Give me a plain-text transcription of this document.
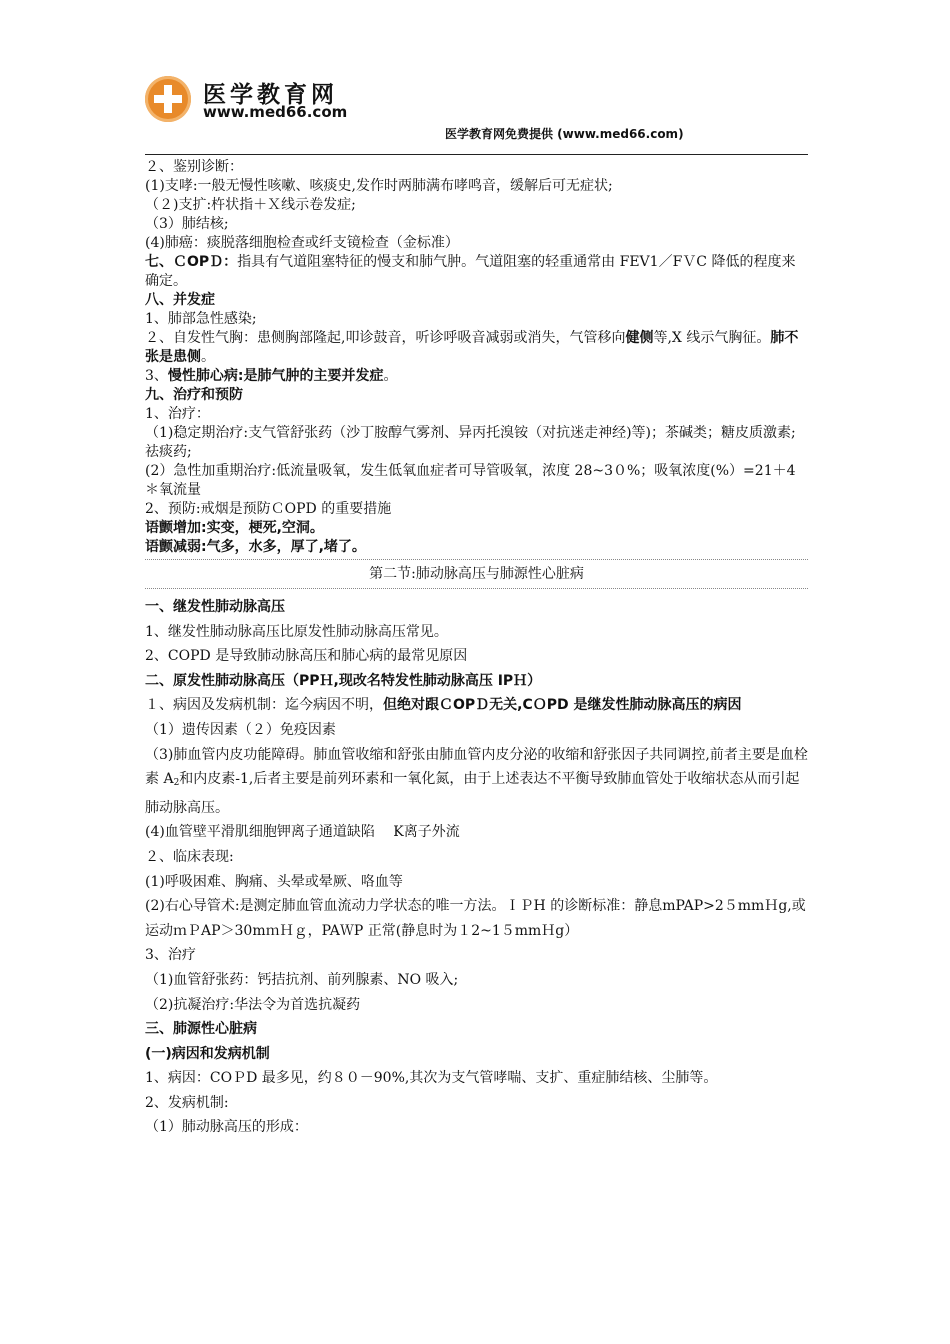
医学教育网
www.med66.com
医学教育网免费提供 (www.med66.com)

２、鉴别诊断：

(1)支哮:一般无慢性咳嗽、咳痰史,发作时两肺满布哮鸣音，缓解后可无症状;

（２)支扩:杵状指＋Ｘ线示卷发症;

（3）肺结核;

(4)肺癌：痰脱落细胞检查或纤支镜检查（金标准）

七、ＣOPＤ：指具有气道阻塞特征的慢支和肺气肿。气道阻塞的轻重通常由 FEV1／FＶC 降低的程度来确定。

八、并发症

1、肺部急性感染;

２、自发性气胸：患侧胸部隆起,叩诊鼓音，听诊呼吸音减弱或消失，气管移向健侧等,X 线示气胸征。肺不张是患侧。

3、慢性肺心病:是肺气肿的主要并发症。

九、治疗和预防

1、治疗：

（1)稳定期治疗:支气管舒张药（沙丁胺醇气雾剂、异丙托溴铵（对抗迷走神经)等)；茶碱类；糖皮质激素;祛痰药;

(2）急性加重期治疗:低流量吸氧，发生低氧血症者可导管吸氧，浓度 28~3０%；吸氧浓度(%）=21＋4＊氧流量

2、预防:戒烟是预防ＣOPD 的重要措施

语颤增加:实变，梗死,空洞。

语颤减弱:气多，水多，厚了,堵了。

第二节:肺动脉高压与肺源性心脏病

一、继发性肺动脉高压

1、继发性肺动脉高压比原发性肺动脉高压常见。

2、COPD 是导致肺动脉高压和肺心病的最常见原因

二、原发性肺动脉高压（PPＨ,现改名特发性肺动脉高压 IPＨ）

１、病因及发病机制：迄今病因不明，但绝对跟ＣOPＤ无关,CＯPD 是继发性肺动脉高压的病因

（1）遗传因素（２）免疫因素

（3)肺血管内皮功能障碍。肺血管收缩和舒张由肺血管内皮分泌的收缩和舒张因子共同调控,前者主要是血栓素 $A_2$和内皮素-1,后者主要是前列环素和一氧化氮，由于上述表达不平衡导致肺血管处于收缩状态从而引起肺动脉高压。

(4)血管壁平滑肌细胞钾离子通道缺陷　 K离子外流

２、临床表现:

(1)呼吸困难、胸痛、头晕或晕厥、咯血等

(2)右心导管术:是测定肺血管血流动力学状态的唯一方法。ＩＰH 的诊断标准：静息mPAP>2５mmＨg,或运动ｍＰAP＞30mｍＨｇ，PAＷP 正常(静息时为１2~1５mmＨg）

3、治疗

（1)血管舒张药：钙拮抗剂、前列腺素、NO 吸入;

（2)抗凝治疗:华法令为首选抗凝药

三、肺源性心脏病

(一)病因和发病机制

1、病因：COＰD 最多见，约８０－90%,其次为支气管哮喘、支扩、重症肺结核、尘肺等。

2、发病机制:

（1）肺动脉高压的形成：
